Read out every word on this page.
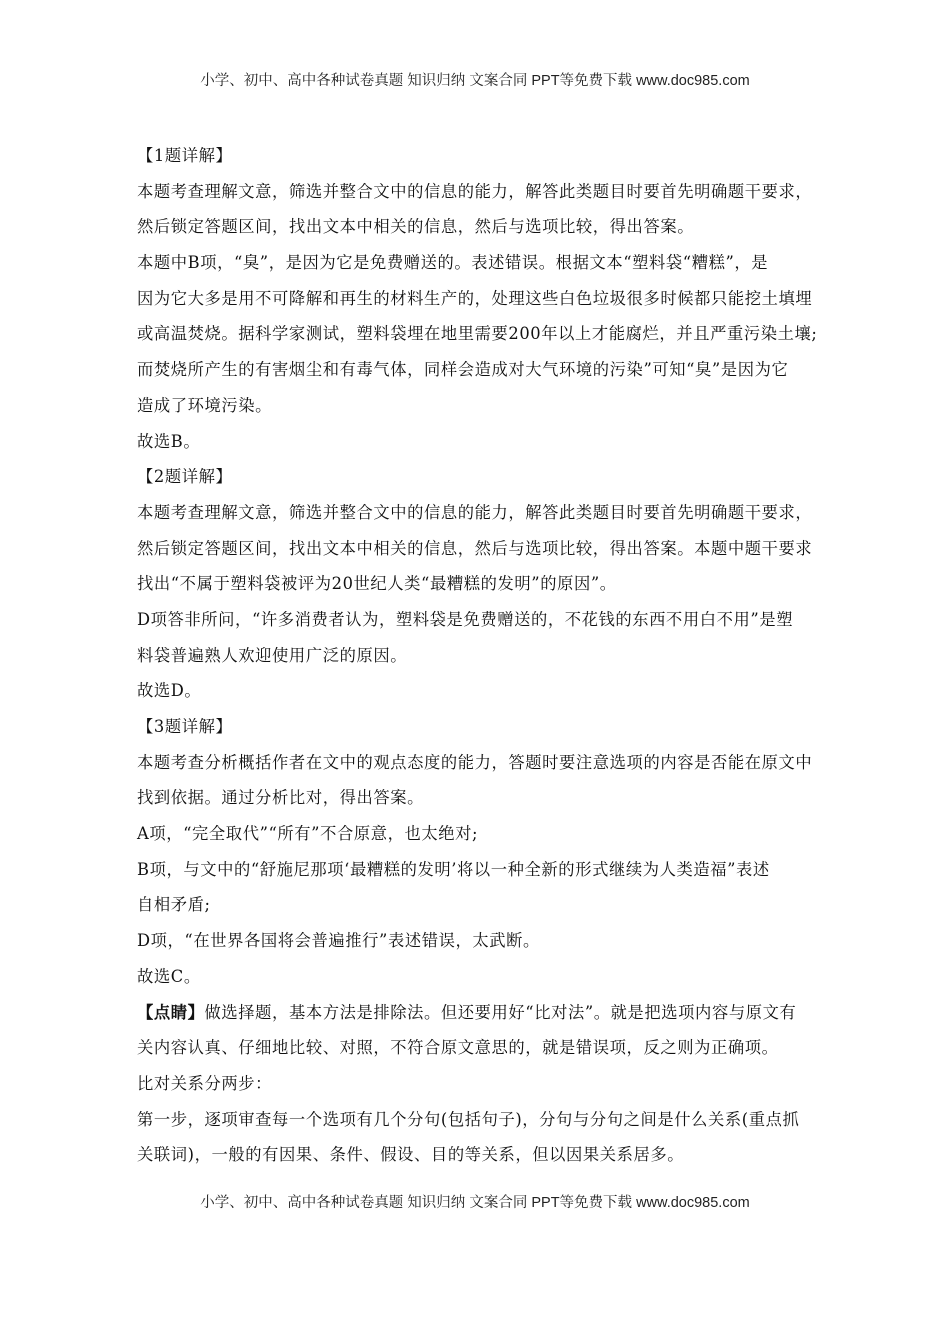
小学、初中、高中各种试卷真题 知识归纳 文案合同 PPT等免费下载 www.doc985.com
【1题详解】
本题考查理解文意，筛选并整合文中的信息的能力，解答此类题目时要首先明确题干要求，
然后锁定答题区间，找出文本中相关的信息，然后与选项比较，得出答案。
本题中B项，“臭”，是因为它是免费赠送的。表述错误。根据文本“塑料袋“糟糕”，是
因为它大多是用不可降解和再生的材料生产的，处理这些白色垃圾很多时候都只能挖土填埋
或高温焚烧。据科学家测试，塑料袋埋在地里需要200年以上才能腐烂，并且严重污染土壤;
而焚烧所产生的有害烟尘和有毒气体，同样会造成对大气环境的污染”可知“臭”是因为它
造成了环境污染。
故选B。
【2题详解】
本题考查理解文意，筛选并整合文中的信息的能力，解答此类题目时要首先明确题干要求，
然后锁定答题区间，找出文本中相关的信息，然后与选项比较，得出答案。本题中题干要求
找出“不属于塑料袋被评为20世纪人类“最糟糕的发明”的原因”。
D项答非所问，“许多消费者认为，塑料袋是免费赠送的，不花钱的东西不用白不用”是塑
料袋普遍熟人欢迎使用广泛的原因。
故选D。
【3题详解】
本题考查分析概括作者在文中的观点态度的能力，答题时要注意选项的内容是否能在原文中
找到依据。通过分析比对，得出答案。
A项，“完全取代”“所有”不合原意，也太绝对;
B项，与文中的“舒施尼那项‘最糟糕的发明’将以一种全新的形式继续为人类造福”表述
自相矛盾;
D项，“在世界各国将会普遍推行”表述错误，太武断。
故选C。
【点睛】做选择题，基本方法是排除法。但还要用好“比对法”。就是把选项内容与原文有
关内容认真、仔细地比较、对照，不符合原文意思的，就是错误项，反之则为正确项。
比对关系分两步：
第一步，逐项审查每一个选项有几个分句(包括句子)，分句与分句之间是什么关系(重点抓
关联词)，一般的有因果、条件、假设、目的等关系，但以因果关系居多。
小学、初中、高中各种试卷真题 知识归纳 文案合同 PPT等免费下载 www.doc985.com
